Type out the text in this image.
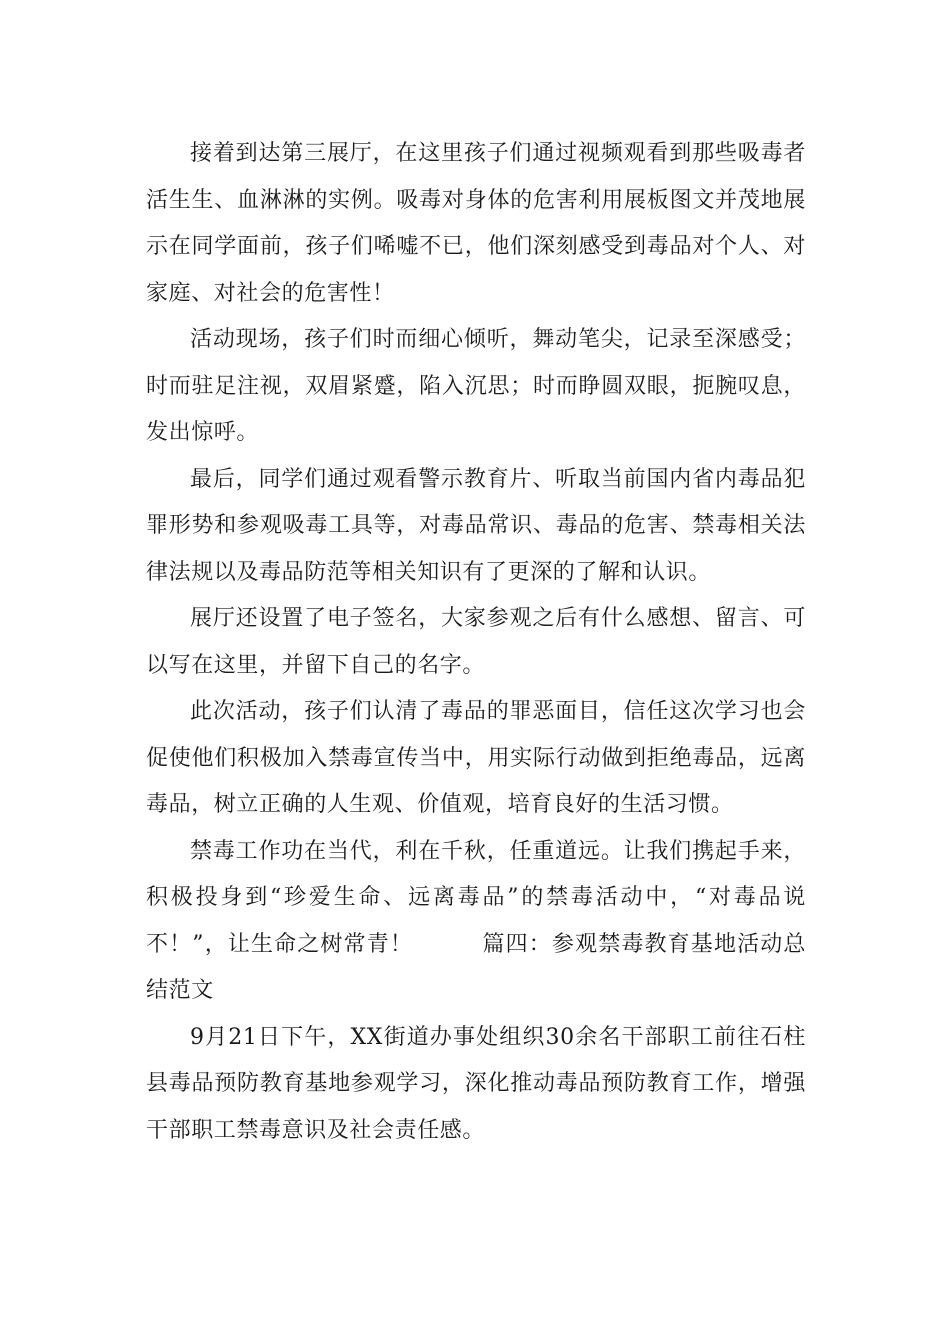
接着到达第三展厅，在这里孩子们通过视频观看到那些吸毒者活生生、血淋淋的实例。吸毒对身体的危害利用展板图文并茂地展示在同学面前，孩子们唏嘘不已，他们深刻感受到毒品对个人、对家庭、对社会的危害性！

活动现场，孩子们时而细心倾听，舞动笔尖，记录至深感受；时而驻足注视，双眉紧蹙，陷入沉思；时而睁圆双眼，扼腕叹息，发出惊呼。

最后，同学们通过观看警示教育片、听取当前国内省内毒品犯罪形势和参观吸毒工具等，对毒品常识、毒品的危害、禁毒相关法律法规以及毒品防范等相关知识有了更深的了解和认识。

展厅还设置了电子签名，大家参观之后有什么感想、留言、可以写在这里，并留下自己的名字。

此次活动，孩子们认清了毒品的罪恶面目，信任这次学习也会促使他们积极加入禁毒宣传当中，用实际行动做到拒绝毒品，远离毒品，树立正确的人生观、价值观，培育良好的生活习惯。

禁毒工作功在当代，利在千秋，任重道远。让我们携起手来，积极投身到“珍爱生命、远离毒品”的禁毒活动中，“对毒品说不！”，让生命之树常青！　　　篇四：参观禁毒教育基地活动总结范文

9月21日下午，XX街道办事处组织30余名干部职工前往石柱县毒品预防教育基地参观学习，深化推动毒品预防教育工作，增强干部职工禁毒意识及社会责任感。
